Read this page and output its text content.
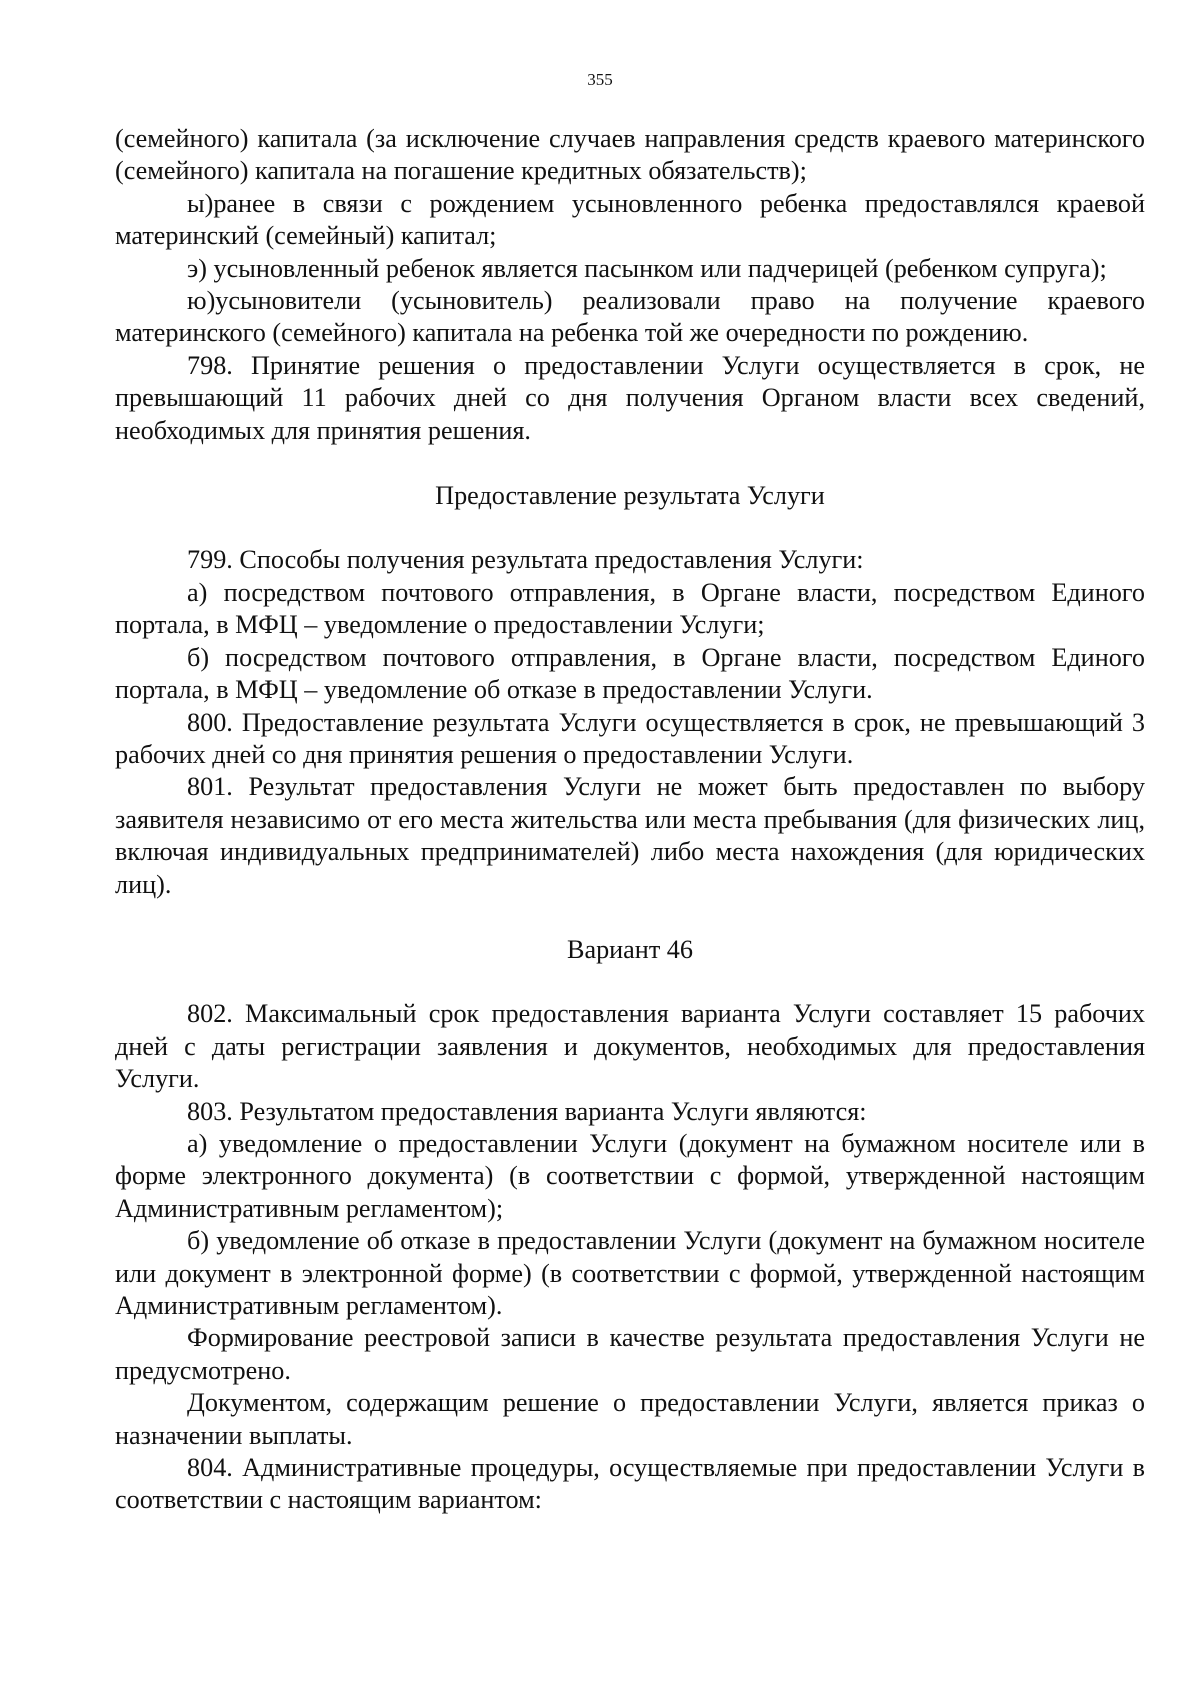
355

(семейного) капитала (за исключение случаев направления средств краевого материнского (семейного) капитала на погашение кредитных обязательств);

ы)ранее в связи с рождением усыновленного ребенка предоставлялся краевой материнский (семейный) капитал;

э) усыновленный ребенок является пасынком или падчерицей (ребенком супруга);

ю)усыновители (усыновитель) реализовали право на получение краевого материнского (семейного) капитала на ребенка той же очередности по рождению.

798. Принятие решения о предоставлении Услуги осуществляется в срок, не превышающий 11 рабочих дней со дня получения Органом власти всех сведений, необходимых для принятия решения.

Предоставление результата Услуги

799. Способы получения результата предоставления Услуги:

а) посредством почтового отправления, в Органе власти, посредством Единого портала, в МФЦ – уведомление о предоставлении Услуги;

б) посредством почтового отправления, в Органе власти, посредством Единого портала, в МФЦ – уведомление об отказе в предоставлении Услуги.

800. Предоставление результата Услуги осуществляется в срок, не превышающий 3 рабочих дней со дня принятия решения о предоставлении Услуги.

801. Результат предоставления Услуги не может быть предоставлен по выбору заявителя независимо от его места жительства или места пребывания (для физических лиц, включая индивидуальных предпринимателей) либо места нахождения (для юридических лиц).

Вариант 46

802. Максимальный срок предоставления варианта Услуги составляет 15 рабочих дней с даты регистрации заявления и документов, необходимых для предоставления Услуги.

803. Результатом предоставления варианта Услуги являются:

а) уведомление о предоставлении Услуги (документ на бумажном носителе или в форме электронного документа) (в соответствии с формой, утвержденной настоящим Административным регламентом);

б) уведомление об отказе в предоставлении Услуги (документ на бумажном носителе или документ в электронной форме) (в соответствии с формой, утвержденной настоящим Административным регламентом).

Формирование реестровой записи в качестве результата предоставления Услуги не предусмотрено.

Документом, содержащим решение о предоставлении Услуги, является приказ о назначении выплаты.

804. Административные процедуры, осуществляемые при предоставлении Услуги в соответствии с настоящим вариантом:
